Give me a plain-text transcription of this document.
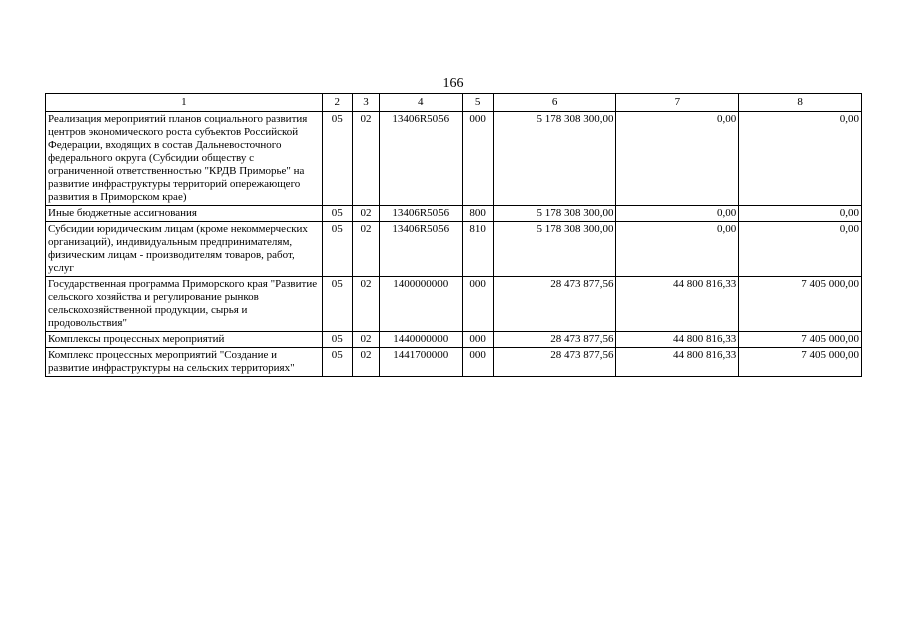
166
1	2	3	4	5	6	7	8
Реализация мероприятий планов социального развития центров экономического роста субъектов Российской Федерации, входящих в состав Дальневосточного федерального округа (Субсидии обществу с ограниченной ответственностью "КРДВ Приморье" на развитие инфраструктуры территорий опережающего развития в Приморском крае)	05	02	13406R5056	000	5 178 308 300,00	0,00	0,00
Иные бюджетные ассигнования	05	02	13406R5056	800	5 178 308 300,00	0,00	0,00
Субсидии юридическим лицам (кроме некоммерческих организаций), индивидуальным предпринимателям, физическим лицам - производителям товаров, работ, услуг	05	02	13406R5056	810	5 178 308 300,00	0,00	0,00
Государственная программа Приморского края "Развитие сельского хозяйства и регулирование рынков сельскохозяйственной продукции, сырья и продовольствия"	05	02	1400000000	000	28 473 877,56	44 800 816,33	7 405 000,00
Комплексы процессных мероприятий	05	02	1440000000	000	28 473 877,56	44 800 816,33	7 405 000,00
Комплекс процессных мероприятий "Создание и развитие инфраструктуры на сельских территориях"	05	02	1441700000	000	28 473 877,56	44 800 816,33	7 405 000,00
